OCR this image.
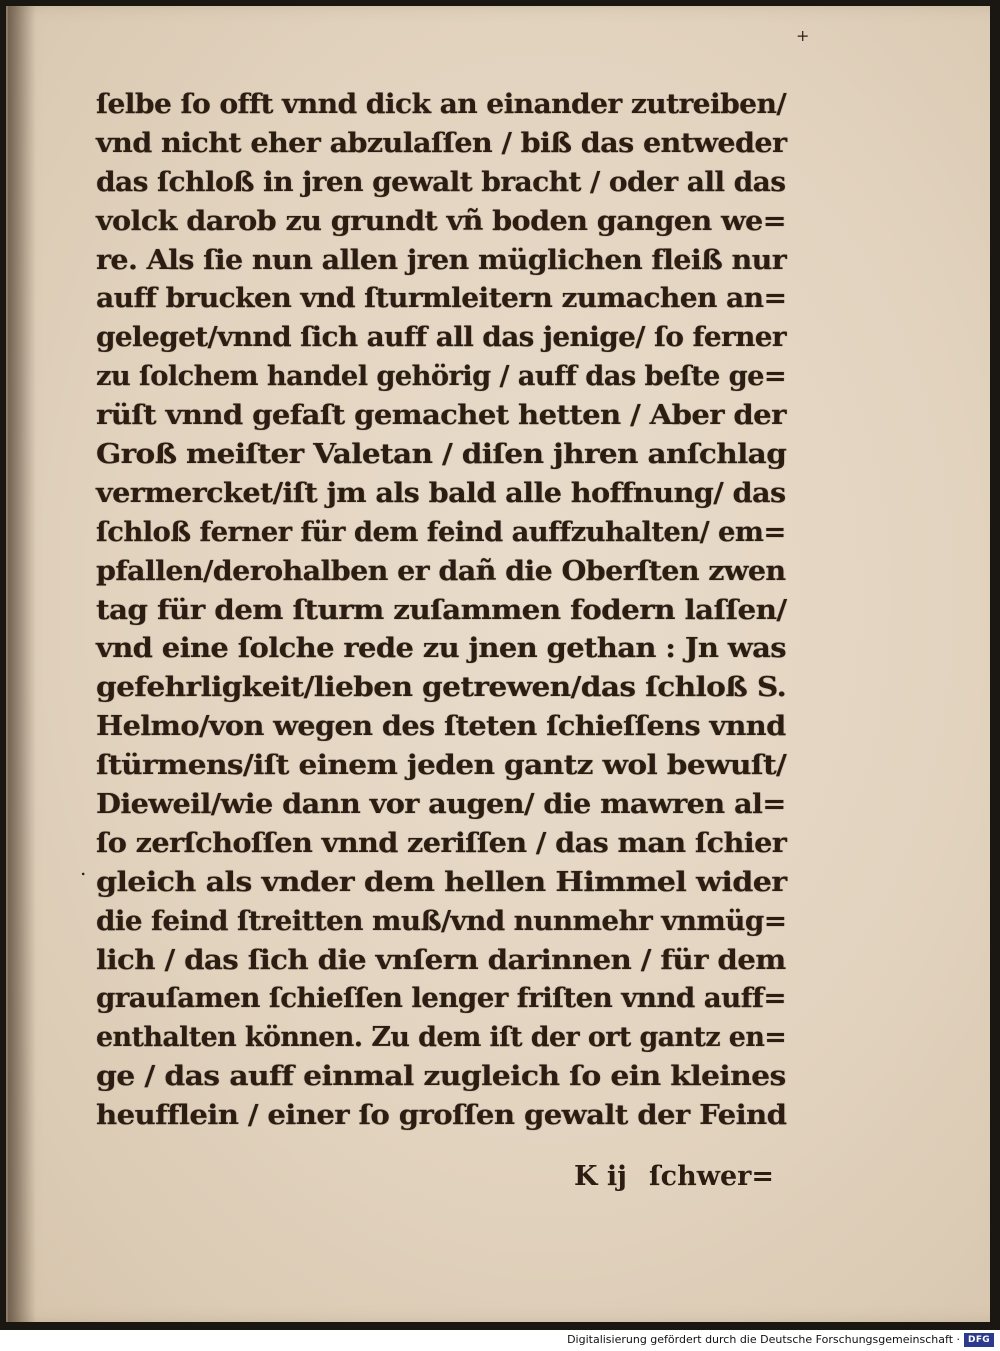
+
.
ſelbe ſo offt vnnd dick an einander zutreiben/
vnd nicht eher abzulaſſen / biß das entweder
das ſchloß in jren gewalt bracht / oder all das
volck darob zu grundt vñ boden gangen we=
re. Als ſie nun allen jren müglichen fleiß nur
auff brucken vnd ſturmleitern zumachen an=
geleget/vnnd ſich auff all das jenige/ ſo ferner
zu ſolchem handel gehörig / auff das beſte ge=
rüſt vnnd gefaſt gemachet hetten / Aber der
Groß meiſter Valetan / diſen jhren anſchlag
vermercket/iſt jm als bald alle hoffnung/ das
ſchloß ferner für dem feind auffzuhalten/ em=
pfallen/derohalben er dañ die Oberſten zwen
tag für dem ſturm zuſammen fodern laſſen/
vnd eine ſolche rede zu jnen gethan : Jn was
gefehrligkeit/lieben getrewen/das ſchloß S.
Helmo/von wegen des ſteten ſchieſſens vnnd
ſtürmens/iſt einem jeden gantz wol bewuſt/
Dieweil/wie dann vor augen/ die mawren al=
ſo zerſchoſſen vnnd zeriſſen / das man ſchier
gleich als vnder dem hellen Himmel wider
die feind ſtreitten muß/vnd nunmehr vnmüg=
lich / das ſich die vnſern darinnen / für dem
grauſamen ſchieſſen lenger friſten vnnd auff=
enthalten können. Zu dem iſt der ort gantz en=
ge / das auff einmal zugleich ſo ein kleines
heufflein / einer ſo groſſen gewalt der Feind
K ij ſchwer=
Digitalisierung gefördert durch die Deutsche Forschungsgemeinschaft · DFG
